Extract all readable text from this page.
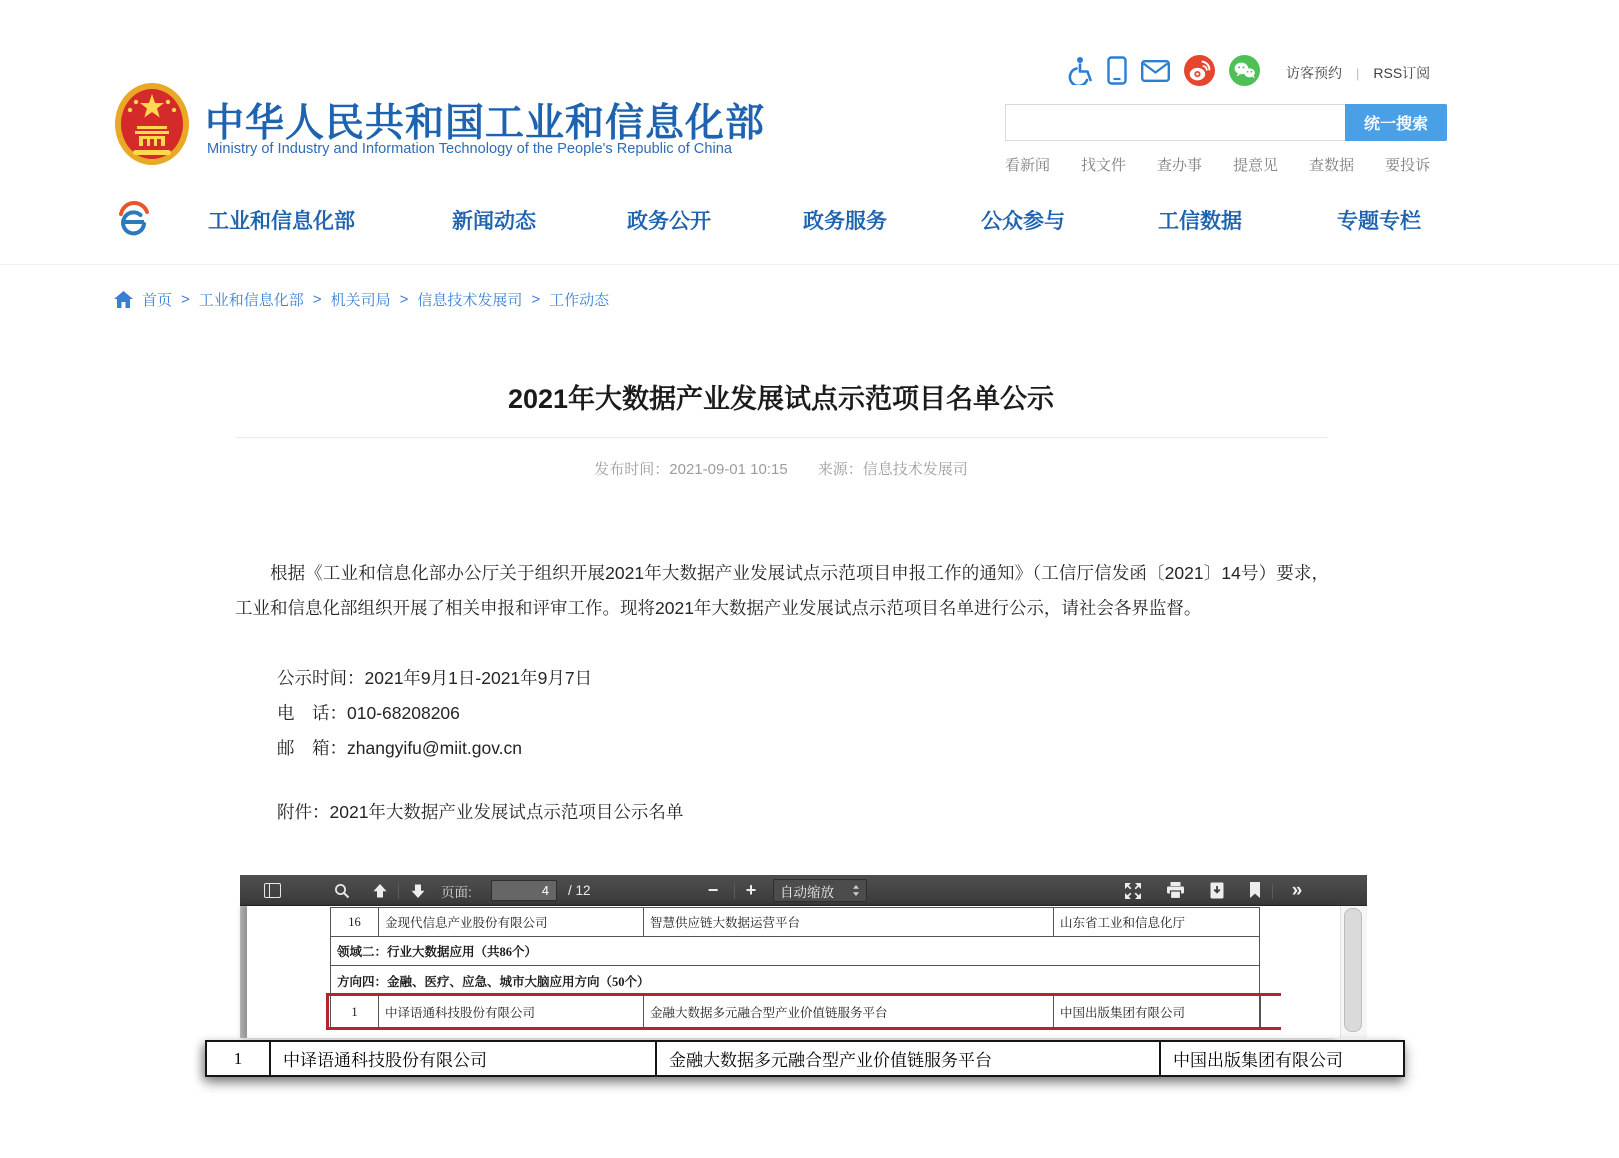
中华人民共和国工业和信息化部
Ministry of Industry and Information Technology of the People's Republic of China
访客预约 | RSS订阅
统一搜索
看新闻 找文件 查办事 提意见 查数据 要投诉
工业和信息化部	新闻动态	政务公开	政务服务	公众参与	工信数据	专题专栏
首页 > 工业和信息化部 > 机关司局 > 信息技术发展司 > 工作动态
2021年大数据产业发展试点示范项目名单公示
发布时间：2021-09-01 10:15 来源：信息技术发展司

根据《工业和信息化部办公厅关于组织开展2021年大数据产业发展试点示范项目申报工作的通知》（工信厅信发函〔2021〕14号）要求，工业和信息化部组织开展了相关申报和评审工作。现将2021年大数据产业发展试点示范项目名单进行公示，请社会各界监督。

公示时间：2021年9月1日-2021年9月7日

电　话：010-68208206

邮　箱：zhangyifu@miit.gov.cn

附件：2021年大数据产业发展试点示范项目公示名单

页面:
4	/ 12	−	+	自动缩放	»
16	金现代信息产业股份有限公司	智慧供应链大数据运营平台	山东省工业和信息化厅
领域二：行业大数据应用（共86个）
方向四：金融、医疗、应急、城市大脑应用方向（50个）
1	中译语通科技股份有限公司	金融大数据多元融合型产业价值链服务平台	中国出版集团有限公司
1	中译语通科技股份有限公司	金融大数据多元融合型产业价值链服务平台	中国出版集团有限公司
